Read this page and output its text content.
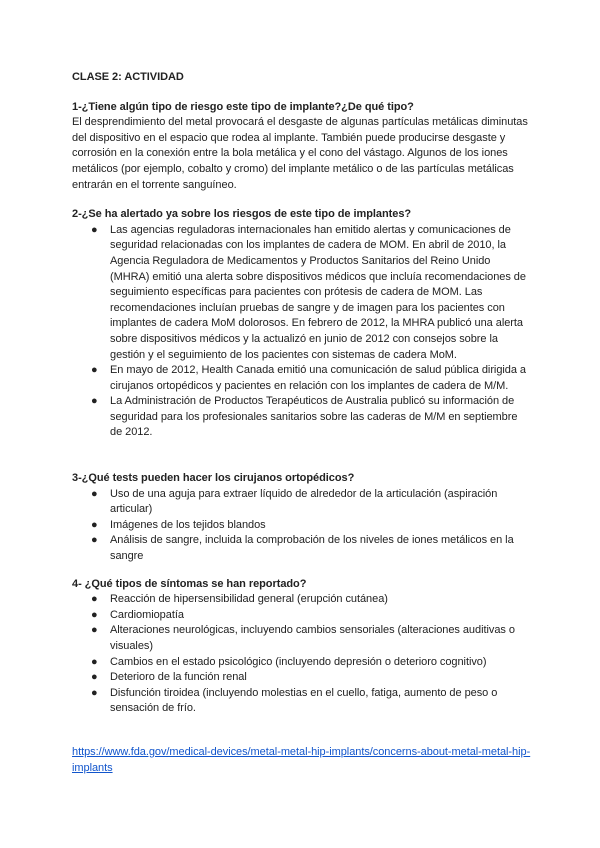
CLASE 2: ACTIVIDAD

1-¿Tiene algún tipo de riesgo este tipo de implante?¿De qué tipo?

El desprendimiento del metal provocará el desgaste de algunas partículas metálicas diminutas del dispositivo en el espacio que rodea al implante. También puede producirse desgaste y corrosión en la conexión entre la bola metálica y el cono del vástago. Algunos de los iones metálicos (por ejemplo, cobalto y cromo) del implante metálico o de las partículas metálicas entrarán en el torrente sanguíneo.

2-¿Se ha alertado ya sobre los riesgos de este tipo de implantes?

● Las agencias reguladoras internacionales han emitido alertas y comunicaciones de seguridad relacionadas con los implantes de cadera de MOM. En abril de 2010, la Agencia Reguladora de Medicamentos y Productos Sanitarios del Reino Unido (MHRA) emitió una alerta sobre dispositivos médicos que incluía recomendaciones de seguimiento específicas para pacientes con prótesis de cadera de MOM. Las recomendaciones incluían pruebas de sangre y de imagen para los pacientes con implantes de cadera MoM dolorosos. En febrero de 2012, la MHRA publicó una alerta sobre dispositivos médicos y la actualizó en junio de 2012 con consejos sobre la gestión y el seguimiento de los pacientes con sistemas de cadera MoM.
● En mayo de 2012, Health Canada emitió una comunicación de salud pública dirigida a cirujanos ortopédicos y pacientes en relación con los implantes de cadera de M/M.
● La Administración de Productos Terapéuticos de Australia publicó su información de seguridad para los profesionales sanitarios sobre las caderas de M/M en septiembre de 2012.

3-¿Qué tests pueden hacer los cirujanos ortopédicos?

● Uso de una aguja para extraer líquido de alrededor de la articulación (aspiración articular)
● Imágenes de los tejidos blandos
● Análisis de sangre, incluida la comprobación de los niveles de iones metálicos en la sangre

4- ¿Qué tipos de síntomas se han reportado?

● Reacción de hipersensibilidad general (erupción cutánea)
● Cardiomiopatía
● Alteraciones neurológicas, incluyendo cambios sensoriales (alteraciones auditivas o visuales)
● Cambios en el estado psicológico (incluyendo depresión o deterioro cognitivo)
● Deterioro de la función renal
● Disfunción tiroidea (incluyendo molestias en el cuello, fatiga, aumento de peso o sensación de frío.
https://www.fda.gov/medical-devices/metal-metal-hip-implants/concerns-about-metal-metal-hip-implants
